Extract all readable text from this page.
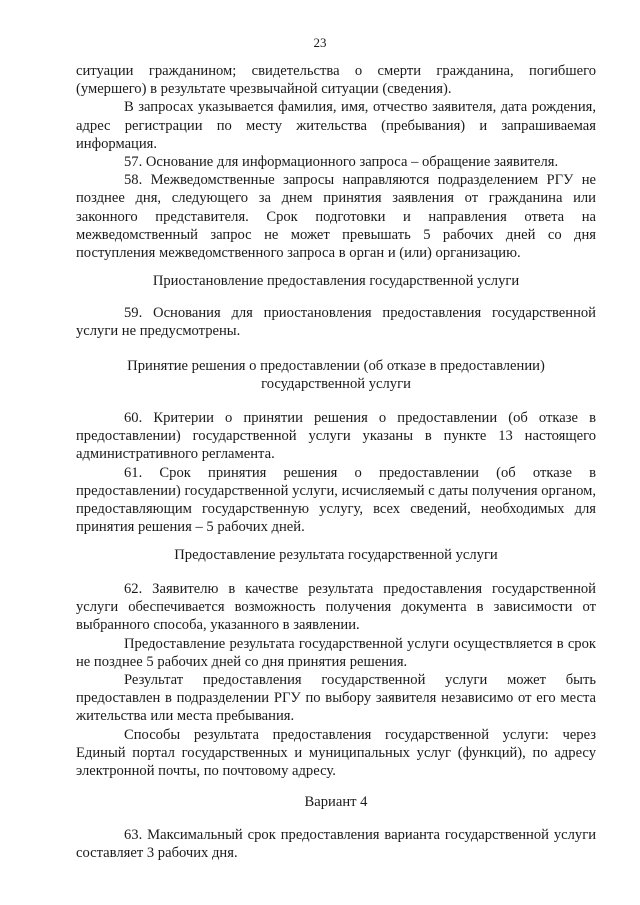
23

ситуации гражданином; свидетельства о смерти гражданина, погибшего (умершего) в результате чрезвычайной ситуации (сведения).

В запросах указывается фамилия, имя, отчество заявителя, дата рождения, адрес регистрации по месту жительства (пребывания) и запрашиваемая информация.

57. Основание для информационного запроса – обращение заявителя.

58. Межведомственные запросы направляются подразделением РГУ не позднее дня, следующего за днем принятия заявления от гражданина или законного представителя. Срок подготовки и направления ответа на межведомственный запрос не может превышать 5 рабочих дней со дня поступления межведомственного запроса в орган и (или) организацию.

Приостановление предоставления государственной услуги

59. Основания для приостановления предоставления государственной услуги не предусмотрены.

Принятие решения о предоставлении (об отказе в предоставлении)

государственной услуги

60. Критерии о принятии решения о предоставлении (об отказе в предоставлении) государственной услуги указаны в пункте 13 настоящего административного регламента.

61. Срок принятия решения о предоставлении (об отказе в предоставлении) государственной услуги, исчисляемый с даты получения органом, предоставляющим государственную услугу, всех сведений, необходимых для принятия решения – 5 рабочих дней.

Предоставление результата государственной услуги

62. Заявителю в качестве результата предоставления государственной услуги обеспечивается возможность получения документа в зависимости от выбранного способа, указанного в заявлении.

Предоставление результата государственной услуги осуществляется в срок не позднее 5 рабочих дней со дня принятия решения.

Результат предоставления государственной услуги может быть предоставлен в подразделении РГУ по выбору заявителя независимо от его места жительства или места пребывания.

Способы результата предоставления государственной услуги: через Единый портал государственных и муниципальных услуг (функций), по адресу электронной почты, по почтовому адресу.

Вариант 4

63. Максимальный срок предоставления варианта государственной услуги составляет 3 рабочих дня.
